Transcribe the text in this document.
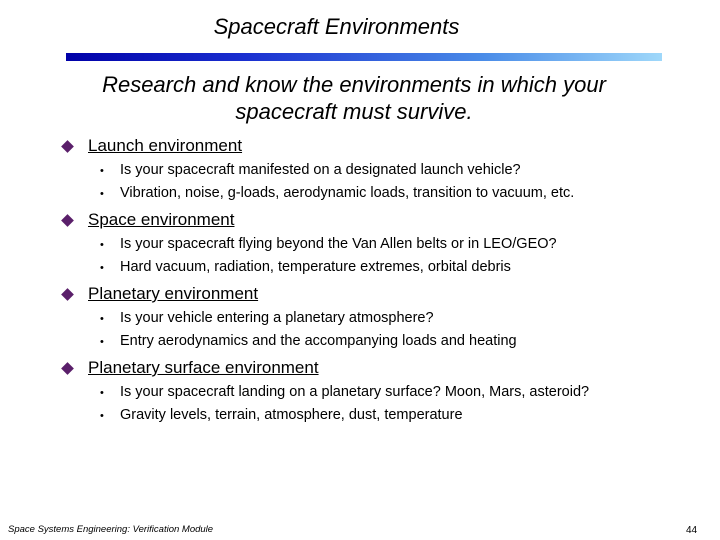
Spacecraft Environments
Research and know the environments in which your
spacecraft must survive.
Launch environment
• Is your spacecraft manifested on a designated launch vehicle?
• Vibration, noise, g-loads, aerodynamic loads, transition to vacuum, etc.
Space environment
• Is your spacecraft flying beyond the Van Allen belts or in LEO/GEO?
• Hard vacuum, radiation, temperature extremes, orbital debris
Planetary environment
• Is your vehicle entering a planetary atmosphere?
• Entry aerodynamics and the accompanying loads and heating
Planetary surface environment
• Is your spacecraft landing on a planetary surface? Moon, Mars, asteroid?
• Gravity levels, terrain, atmosphere, dust, temperature
Space Systems Engineering: Verification Module	44
